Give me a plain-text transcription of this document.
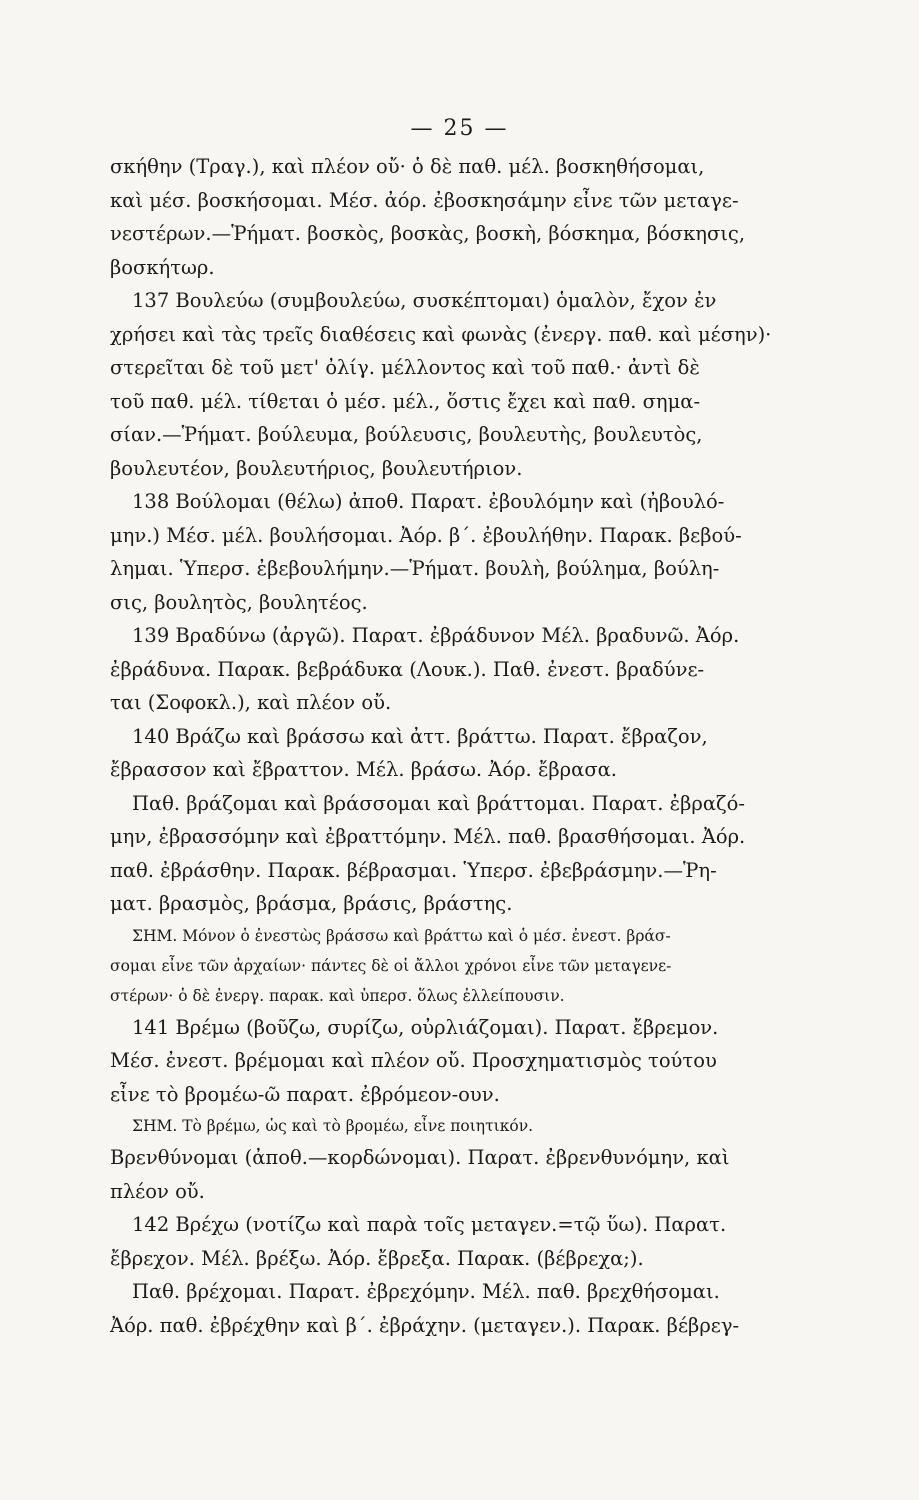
— 25 —
σκήθην (Τραγ.), καὶ πλέον οὔ· ὁ δὲ παθ. μέλ. βοσκηθήσομαι,
καὶ μέσ. βοσκήσομαι. Μέσ. ἀόρ. ἐβοσκησάμην εἶνε τῶν μεταγε-
νεστέρων.—Ῥήματ. βοσκὸς, βοσκὰς, βοσκὴ, βόσκημα, βόσκησις,
βοσκήτωρ.
137 Βουλεύω (συμβουλεύω, συσκέπτομαι) ὁμαλὸν, ἔχον ἐν
χρήσει καὶ τὰς τρεῖς διαθέσεις καὶ φωνὰς (ἐνεργ. παθ. καὶ μέσην)·
στερεῖται δὲ τοῦ μετ' ὀλίγ. μέλλοντος καὶ τοῦ παθ.· ἀντὶ δὲ
τοῦ παθ. μέλ. τίθεται ὁ μέσ. μέλ., ὅστις ἔχει καὶ παθ. σημα-
σίαν.—Ῥήματ. βούλευμα, βούλευσις, βουλευτὴς, βουλευτὸς,
βουλευτέον, βουλευτήριος, βουλευτήριον.
138 Βούλομαι (θέλω) ἀποθ. Παρατ. ἐβουλόμην καὶ (ἠβουλό-
μην.) Μέσ. μέλ. βουλήσομαι. Ἀόρ. β΄. ἐβουλήθην. Παρακ. βεβού-
λημαι. Ὑπερσ. ἐβεβουλήμην.—Ῥήματ. βουλὴ, βούλημα, βούλη-
σις, βουλητὸς, βουλητέος.
139 Βραδύνω (ἀργῶ). Παρατ. ἐβράδυνον Μέλ. βραδυνῶ. Ἀόρ.
ἐβράδυνα. Παρακ. βεβράδυκα (Λουκ.). Παθ. ἐνεστ. βραδύνε-
ται (Σοφοκλ.), καὶ πλέον οὔ.
140 Βράζω καὶ βράσσω καὶ ἀττ. βράττω. Παρατ. ἔβραζον,
ἔβρασσον καὶ ἔβραττον. Μέλ. βράσω. Ἀόρ. ἔβρασα.
Παθ. βράζομαι καὶ βράσσομαι καὶ βράττομαι. Παρατ. ἐβραζό-
μην, ἐβρασσόμην καὶ ἐβραττόμην. Μέλ. παθ. βρασθήσομαι. Ἀόρ.
παθ. ἐβράσθην. Παρακ. βέβρασμαι. Ὑπερσ. ἐβεβράσμην.—Ῥη-
ματ. βρασμὸς, βράσμα, βράσις, βράστης.
ΣΗΜ. Μόνον ὁ ἐνεστὼς βράσσω καὶ βράττω καὶ ὁ μέσ. ἐνεστ. βράσ-
σομαι εἶνε τῶν ἀρχαίων· πάντες δὲ οἱ ἄλλοι χρόνοι εἶνε τῶν μεταγενε-
στέρων· ὁ δὲ ἐνεργ. παρακ. καὶ ὑπερσ. ὅλως ἐλλείπουσιν.
141 Βρέμω (βοῦζω, συρίζω, οὐρλιάζομαι). Παρατ. ἔβρεμον.
Μέσ. ἐνεστ. βρέμομαι καὶ πλέον οὔ. Προσχηματισμὸς τούτου
εἶνε τὸ βρομέω-ῶ παρατ. ἐβρόμεον-ουν.
ΣΗΜ. Τὸ βρέμω, ὡς καὶ τὸ βρομέω, εἶνε ποιητικόν.
Βρενθύνομαι (ἀποθ.—κορδώνομαι). Παρατ. ἐβρενθυνόμην, καὶ
πλέον οὔ.
142 Βρέχω (νοτίζω καὶ παρὰ τοῖς μεταγεν.=τῷ ὕω). Παρατ.
ἔβρεχον. Μέλ. βρέξω. Ἀόρ. ἔβρεξα. Παρακ. (βέβρεχα;).
Παθ. βρέχομαι. Παρατ. ἐβρεχόμην. Μέλ. παθ. βρεχθήσομαι.
Ἀόρ. παθ. ἐβρέχθην καὶ β΄. ἐβράχην. (μεταγεν.). Παρακ. βέβρεγ-
